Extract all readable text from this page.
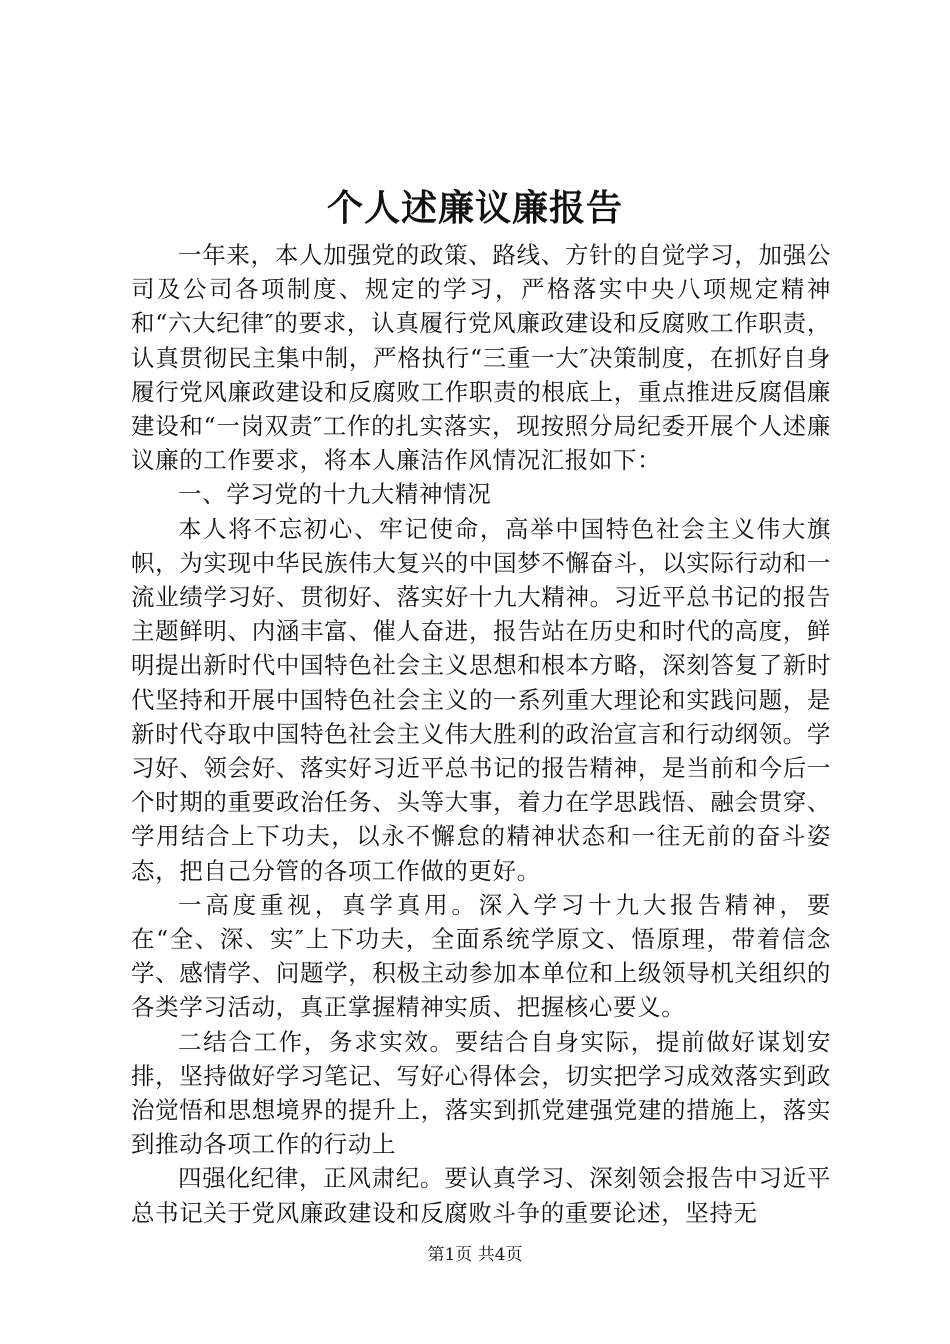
个人述廉议廉报告

一年来，本人加强党的政策、路线、方针的自觉学习，加强公司及公司各项制度、规定的学习，严格落实中央八项规定精神和“六大纪律″的要求，认真履行党风廉政建设和反腐败工作职责，认真贯彻民主集中制，严格执行“三重一大″决策制度，在抓好自身履行党风廉政建设和反腐败工作职责的根底上，重点推进反腐倡廉建设和“一岗双责″工作的扎实落实，现按照分局纪委开展个人述廉议廉的工作要求，将本人廉洁作风情况汇报如下：

一、学习党的十九大精神情况

本人将不忘初心、牢记使命，高举中国特色社会主义伟大旗帜，为实现中华民族伟大复兴的中国梦不懈奋斗，以实际行动和一流业绩学习好、贯彻好、落实好十九大精神。习近平总书记的报告主题鲜明、内涵丰富、催人奋进，报告站在历史和时代的高度，鲜明提出新时代中国特色社会主义思想和根本方略，深刻答复了新时代坚持和开展中国特色社会主义的一系列重大理论和实践问题，是新时代夺取中国特色社会主义伟大胜利的政治宣言和行动纲领。学习好、领会好、落实好习近平总书记的报告精神，是当前和今后一个时期的重要政治任务、头等大事，着力在学思践悟、融会贯穿、学用结合上下功夫，以永不懈怠的精神状态和一往无前的奋斗姿态，把自己分管的各项工作做的更好。

一高度重视，真学真用。深入学习十九大报告精神，要在“全、深、实″上下功夫，全面系统学原文、悟原理，带着信念学、感情学、问题学，积极主动参加本单位和上级领导机关组织的各类学习活动，真正掌握精神实质、把握核心要义。

二结合工作，务求实效。要结合自身实际，提前做好谋划安排，坚持做好学习笔记、写好心得体会，切实把学习成效落实到政治觉悟和思想境界的提升上，落实到抓党建强党建的措施上，落实到推动各项工作的行动上

四强化纪律，正风肃纪。要认真学习、深刻领会报告中习近平总书记关于党风廉政建设和反腐败斗争的重要论述，坚持无

第1页 共4页
